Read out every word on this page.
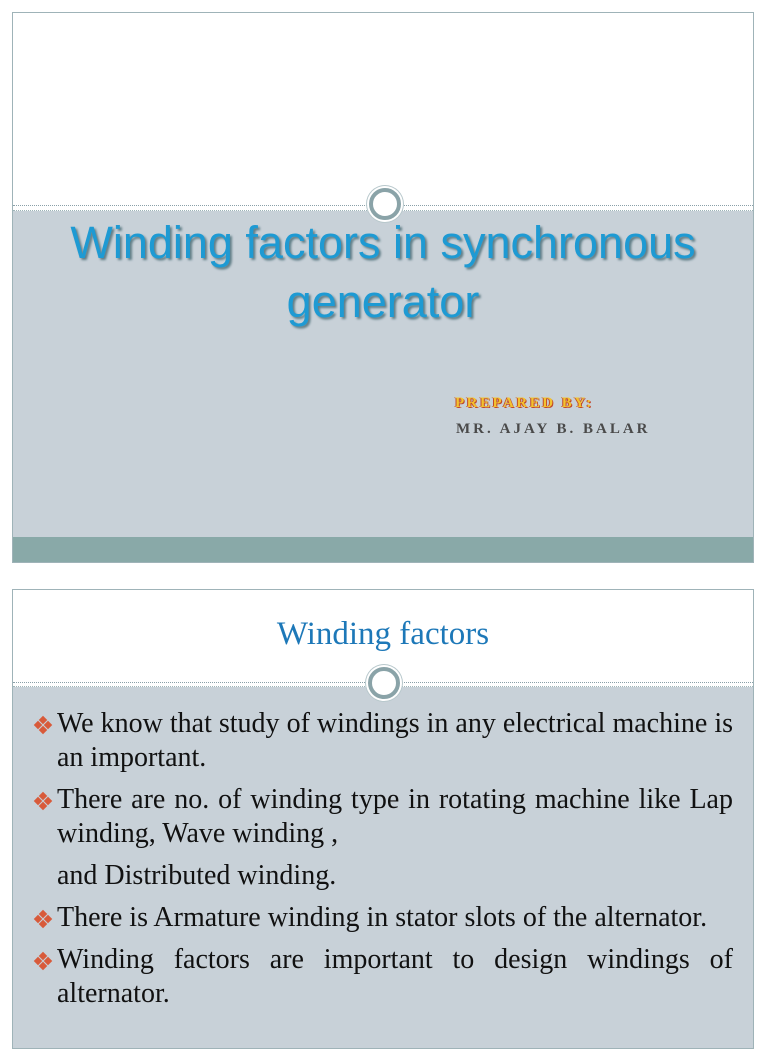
Winding factors in synchronous generator
PREPARED BY:
MR. AJAY B. BALAR
Winding factors
We know that study of windings in any electrical machine is an important.
There are no. of winding type in rotating machine like Lap winding, Wave winding ,
and Distributed winding.
There is Armature winding in stator slots of the alternator.
Winding factors are important to design windings of alternator.
